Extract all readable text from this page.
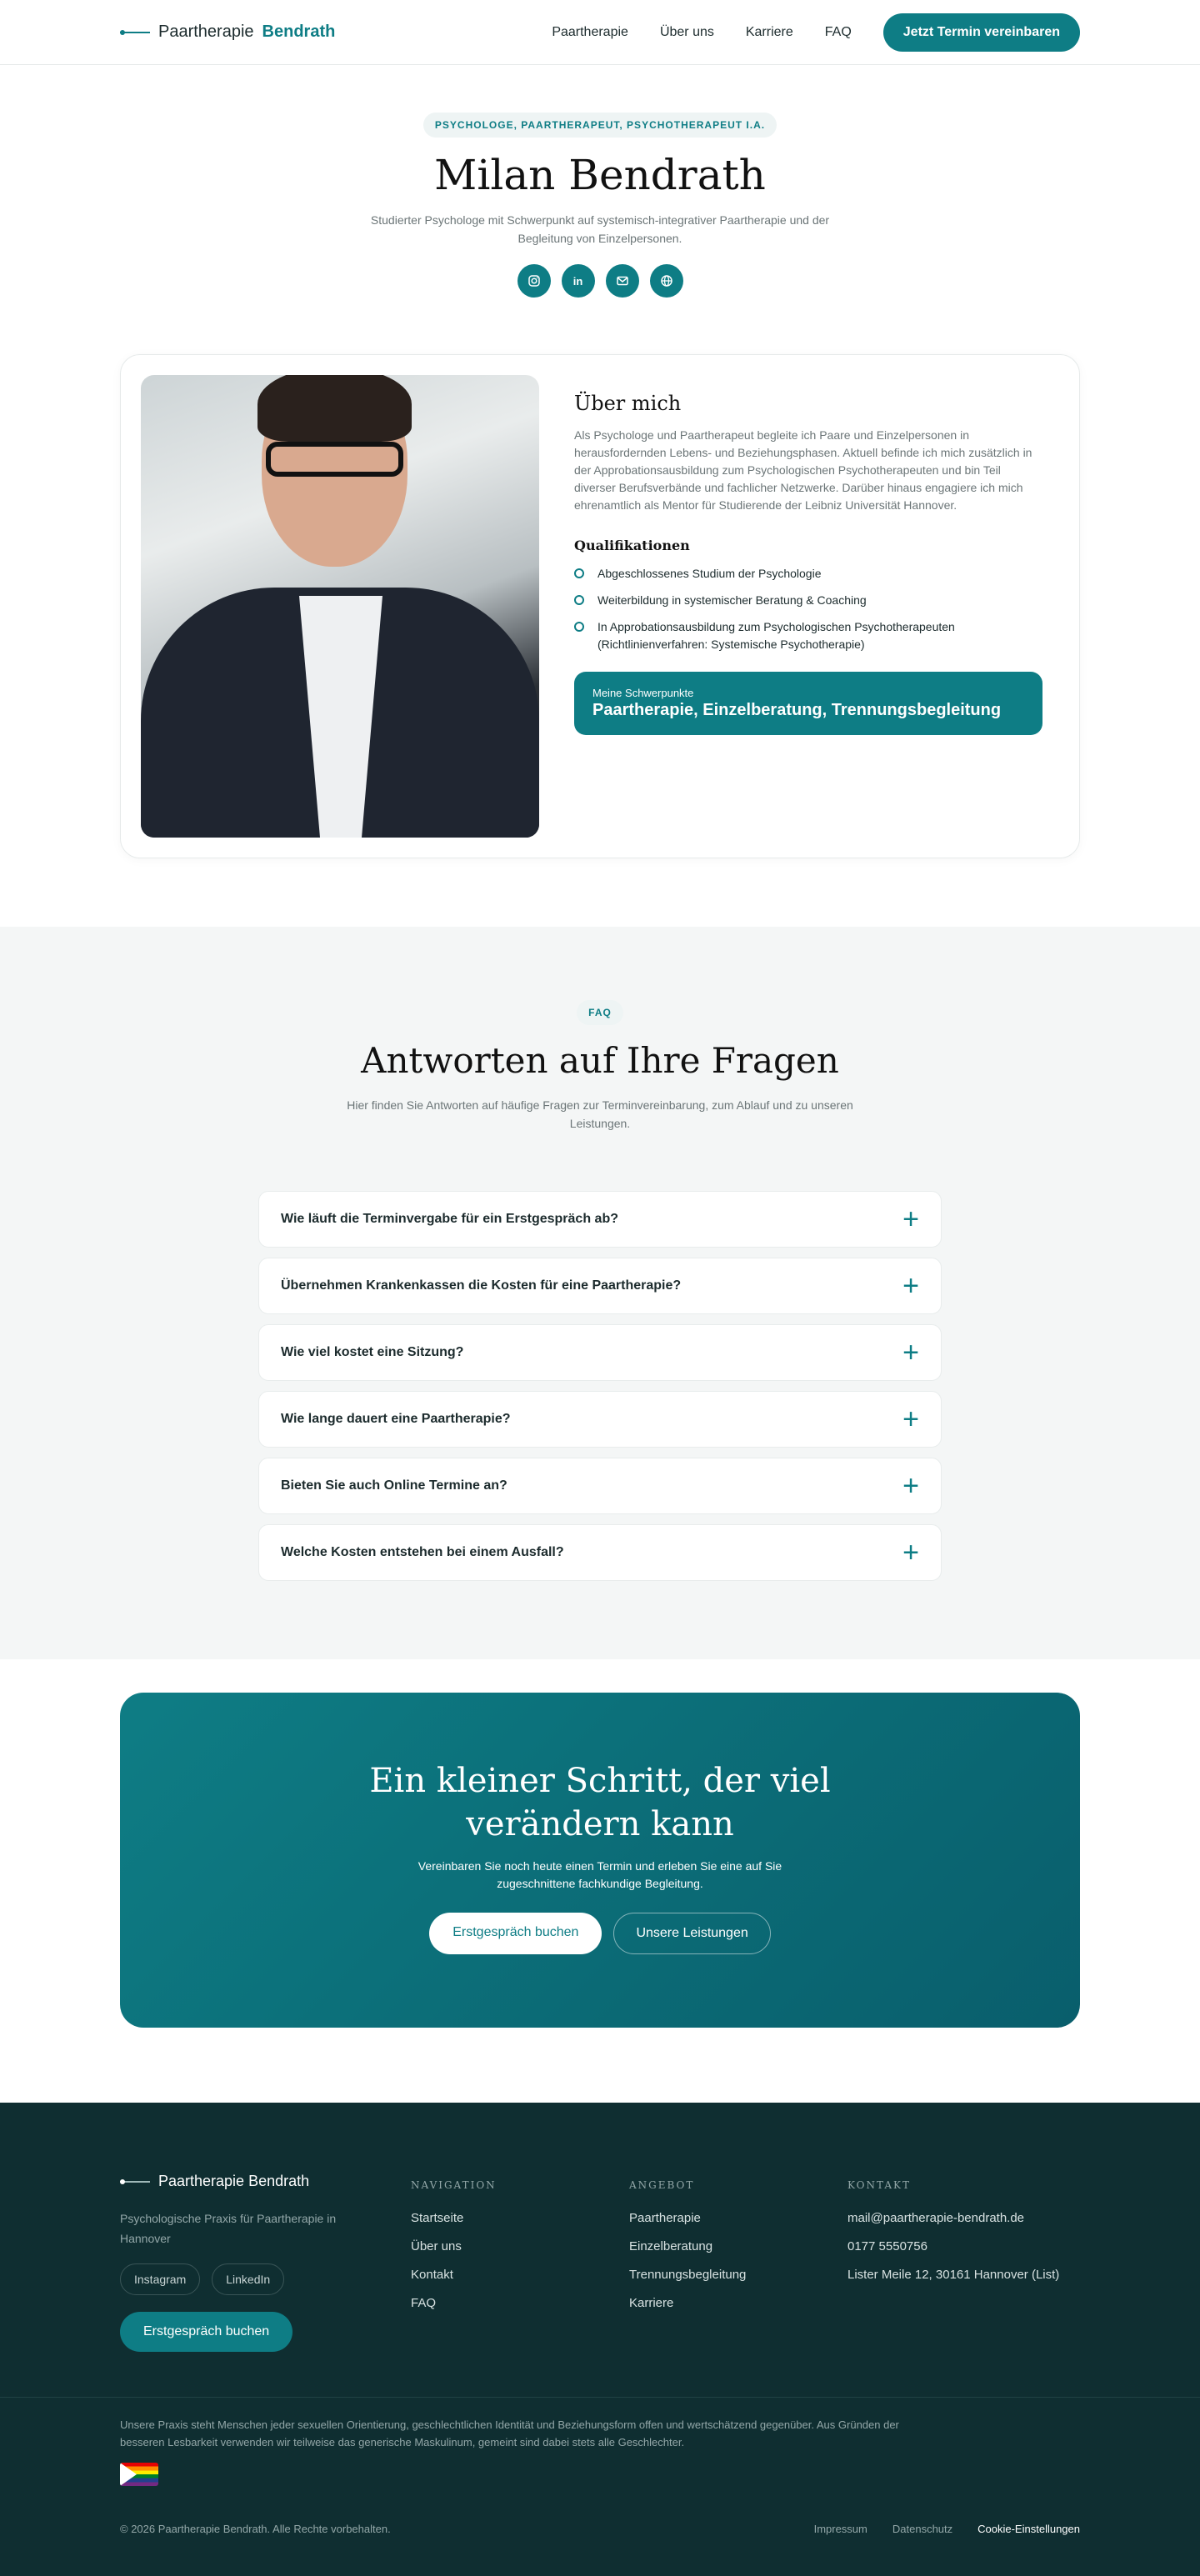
Paartherapie Bendrath	Paartherapie Über uns Karriere FAQ	Jetzt Termin vereinbaren
PSYCHOLOGE, PAARTHERAPEUT, PSYCHOTHERAPEUT I.A.
Milan Bendrath

Studierter Psychologe mit Schwerpunkt auf systemisch-integrativer Paartherapie und der Begleitung von Einzelpersonen.

in
Über mich

Als Psychologe und Paartherapeut begleite ich Paare und Einzelpersonen in herausfordernden Lebens- und Beziehungsphasen. Aktuell befinde ich mich zusätzlich in der Approbationsausbildung zum Psychologischen Psychotherapeuten und bin Teil diverser Berufsverbände und fachlicher Netzwerke. Darüber hinaus engagiere ich mich ehrenamtlich als Mentor für Studierende der Leibniz Universität Hannover.

Qualifikationen
Abgeschlossenes Studium der Psychologie
Weiterbildung in systemischer Beratung & Coaching
In Approbationsausbildung zum Psychologischen Psychotherapeuten (Richtlinienverfahren: Systemische Psychotherapie)
Meine Schwerpunkte
Paartherapie, Einzelberatung, Trennungsbegleitung
FAQ
Antworten auf Ihre Fragen

Hier finden Sie Antworten auf häufige Fragen zur Terminvereinbarung, zum Ablauf und zu unseren Leistungen.

Wie läuft die Terminvergabe für ein Erstgespräch ab?	+
Übernehmen Krankenkassen die Kosten für eine Paartherapie?	+
Wie viel kostet eine Sitzung?	+
Wie lange dauert eine Paartherapie?	+
Bieten Sie auch Online Termine an?	+
Welche Kosten entstehen bei einem Ausfall?	+
Ein kleiner Schritt, der viel verändern kann

Vereinbaren Sie noch heute einen Termin und erleben Sie eine auf Sie zugeschnittene fachkundige Begleitung.

Erstgespräch buchen	Unsere Leistungen
Paartherapie Bendrath

Psychologische Praxis für Paartherapie in Hannover

Instagram	LinkedIn
Erstgespräch buchen
NAVIGATION
Startseite
Über uns
Kontakt
FAQ
ANGEBOT
Paartherapie
Einzelberatung
Trennungsbegleitung
Karriere
KONTAKT
mail@paartherapie-bendrath.de
0177 5550756
Lister Meile 12, 30161 Hannover (List)

Unsere Praxis steht Menschen jeder sexuellen Orientierung, geschlechtlichen Identität und Beziehungsform offen und wertschätzend gegenüber. Aus Gründen der besseren Lesbarkeit verwenden wir teilweise das generische Maskulinum, gemeint sind dabei stets alle Geschlechter.

© 2026 Paartherapie Bendrath. Alle Rechte vorbehalten.	Impressum Datenschutz Cookie-Einstellungen
